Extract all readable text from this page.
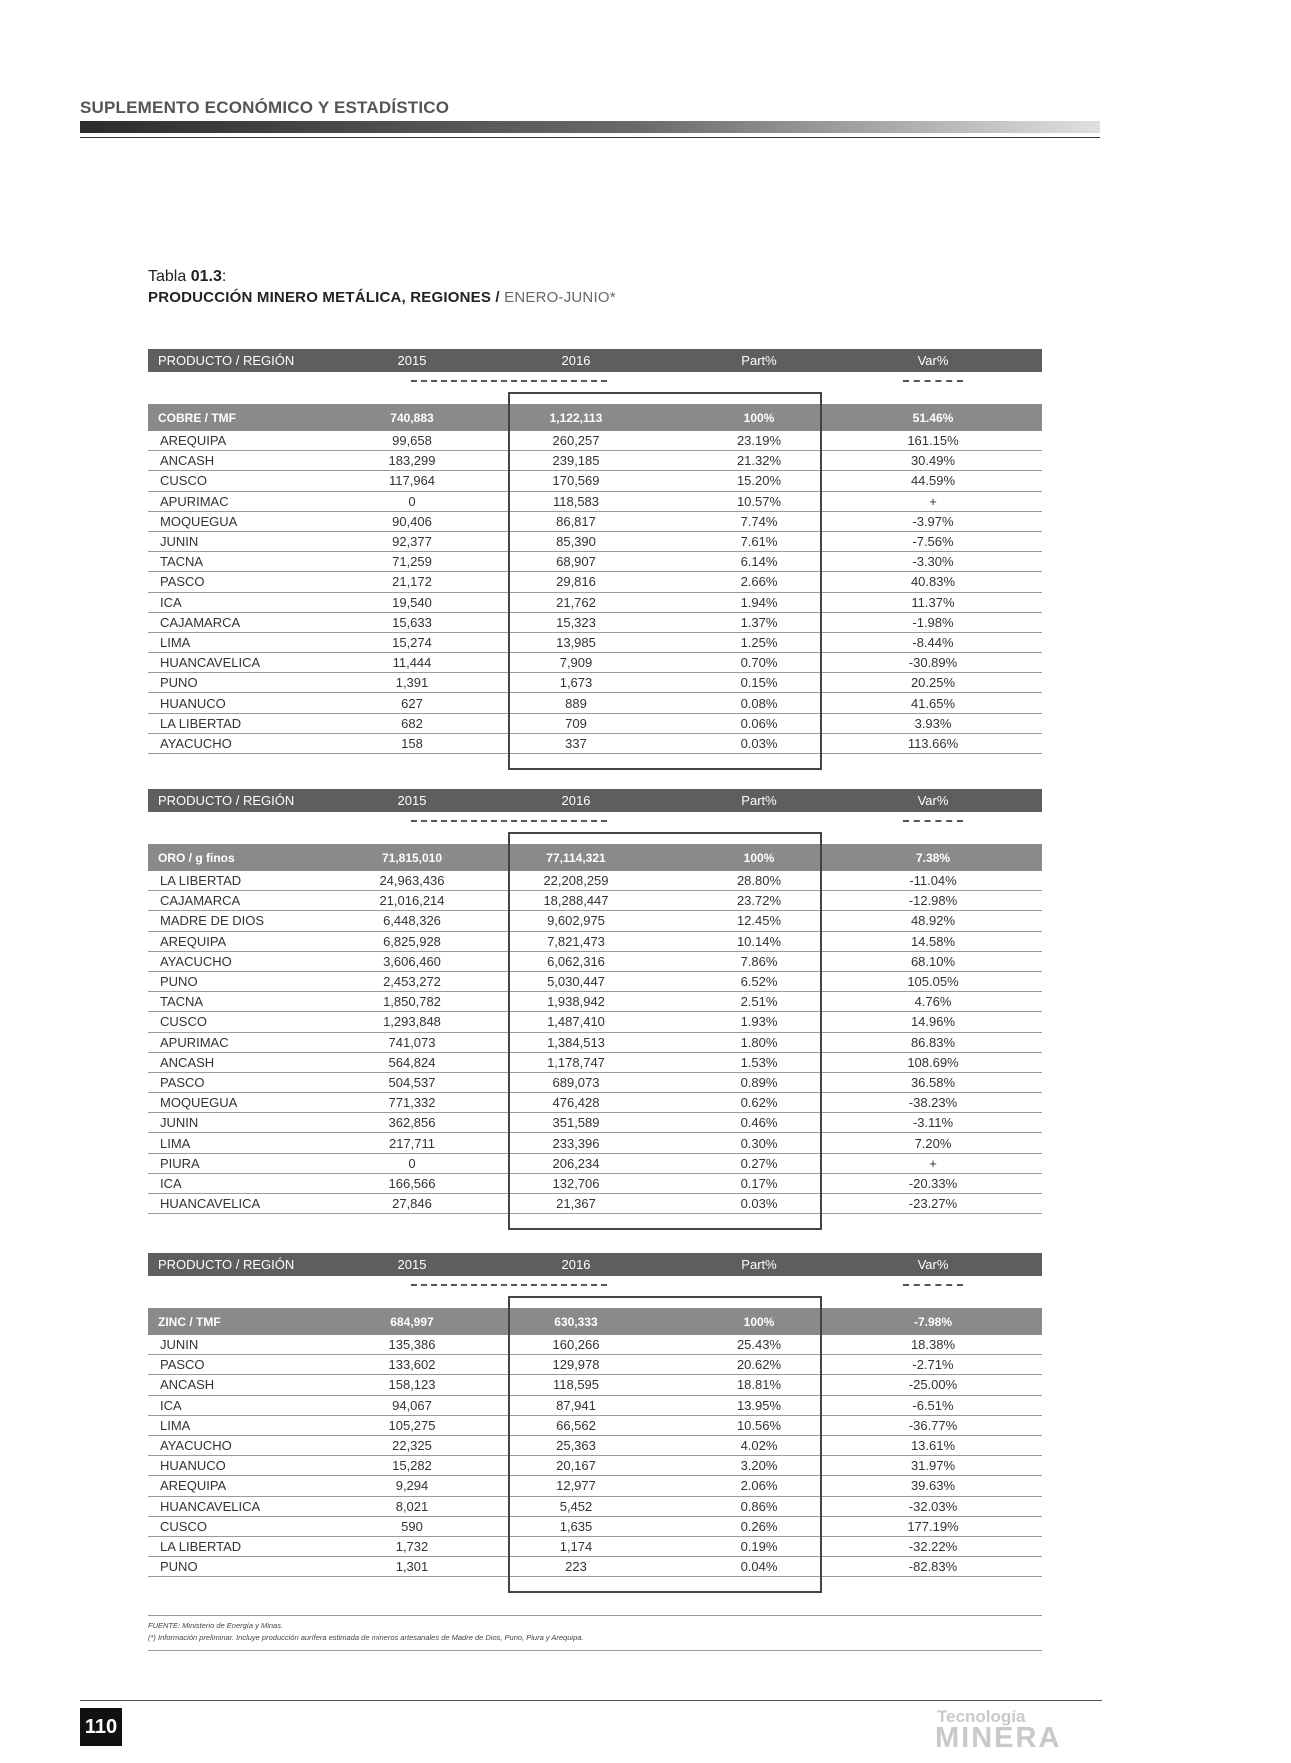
SUPLEMENTO ECONÓMICO Y ESTADÍSTICO
Tabla 01.3:
PRODUCCIÓN MINERO METÁLICA, REGIONES / ENERO-JUNIO*
PRODUCTO / REGIÓN	2015	2016	Part%	Var%
COBRE / TMF	740,883	1,122,113	100%	51.46%
AREQUIPA	99,658	260,257	23.19%	161.15%
ANCASH	183,299	239,185	21.32%	30.49%
CUSCO	117,964	170,569	15.20%	44.59%
APURIMAC	0	118,583	10.57%	+
MOQUEGUA	90,406	86,817	7.74%	-3.97%
JUNIN	92,377	85,390	7.61%	-7.56%
TACNA	71,259	68,907	6.14%	-3.30%
PASCO	21,172	29,816	2.66%	40.83%
ICA	19,540	21,762	1.94%	11.37%
CAJAMARCA	15,633	15,323	1.37%	-1.98%
LIMA	15,274	13,985	1.25%	-8.44%
HUANCAVELICA	11,444	7,909	0.70%	-30.89%
PUNO	1,391	1,673	0.15%	20.25%
HUANUCO	627	889	0.08%	41.65%
LA LIBERTAD	682	709	0.06%	3.93%
AYACUCHO	158	337	0.03%	113.66%
PRODUCTO / REGIÓN	2015	2016	Part%	Var%
ORO / g finos	71,815,010	77,114,321	100%	7.38%
LA LIBERTAD	24,963,436	22,208,259	28.80%	-11.04%
CAJAMARCA	21,016,214	18,288,447	23.72%	-12.98%
MADRE DE DIOS	6,448,326	9,602,975	12.45%	48.92%
AREQUIPA	6,825,928	7,821,473	10.14%	14.58%
AYACUCHO	3,606,460	6,062,316	7.86%	68.10%
PUNO	2,453,272	5,030,447	6.52%	105.05%
TACNA	1,850,782	1,938,942	2.51%	4.76%
CUSCO	1,293,848	1,487,410	1.93%	14.96%
APURIMAC	741,073	1,384,513	1.80%	86.83%
ANCASH	564,824	1,178,747	1.53%	108.69%
PASCO	504,537	689,073	0.89%	36.58%
MOQUEGUA	771,332	476,428	0.62%	-38.23%
JUNIN	362,856	351,589	0.46%	-3.11%
LIMA	217,711	233,396	0.30%	7.20%
PIURA	0	206,234	0.27%	+
ICA	166,566	132,706	0.17%	-20.33%
HUANCAVELICA	27,846	21,367	0.03%	-23.27%
PRODUCTO / REGIÓN	2015	2016	Part%	Var%
ZINC / TMF	684,997	630,333	100%	-7.98%
JUNIN	135,386	160,266	25.43%	18.38%
PASCO	133,602	129,978	20.62%	-2.71%
ANCASH	158,123	118,595	18.81%	-25.00%
ICA	94,067	87,941	13.95%	-6.51%
LIMA	105,275	66,562	10.56%	-36.77%
AYACUCHO	22,325	25,363	4.02%	13.61%
HUANUCO	15,282	20,167	3.20%	31.97%
AREQUIPA	9,294	12,977	2.06%	39.63%
HUANCAVELICA	8,021	5,452	0.86%	-32.03%
CUSCO	590	1,635	0.26%	177.19%
LA LIBERTAD	1,732	1,174	0.19%	-32.22%
PUNO	1,301	223	0.04%	-82.83%
FUENTE: Ministerio de Energía y Minas.
(*) Información preliminar. Incluye producción aurífera estimada de mineros artesanales de Madre de Dios, Puno, Piura y Arequipa.
110	Tecnología
MINERA
